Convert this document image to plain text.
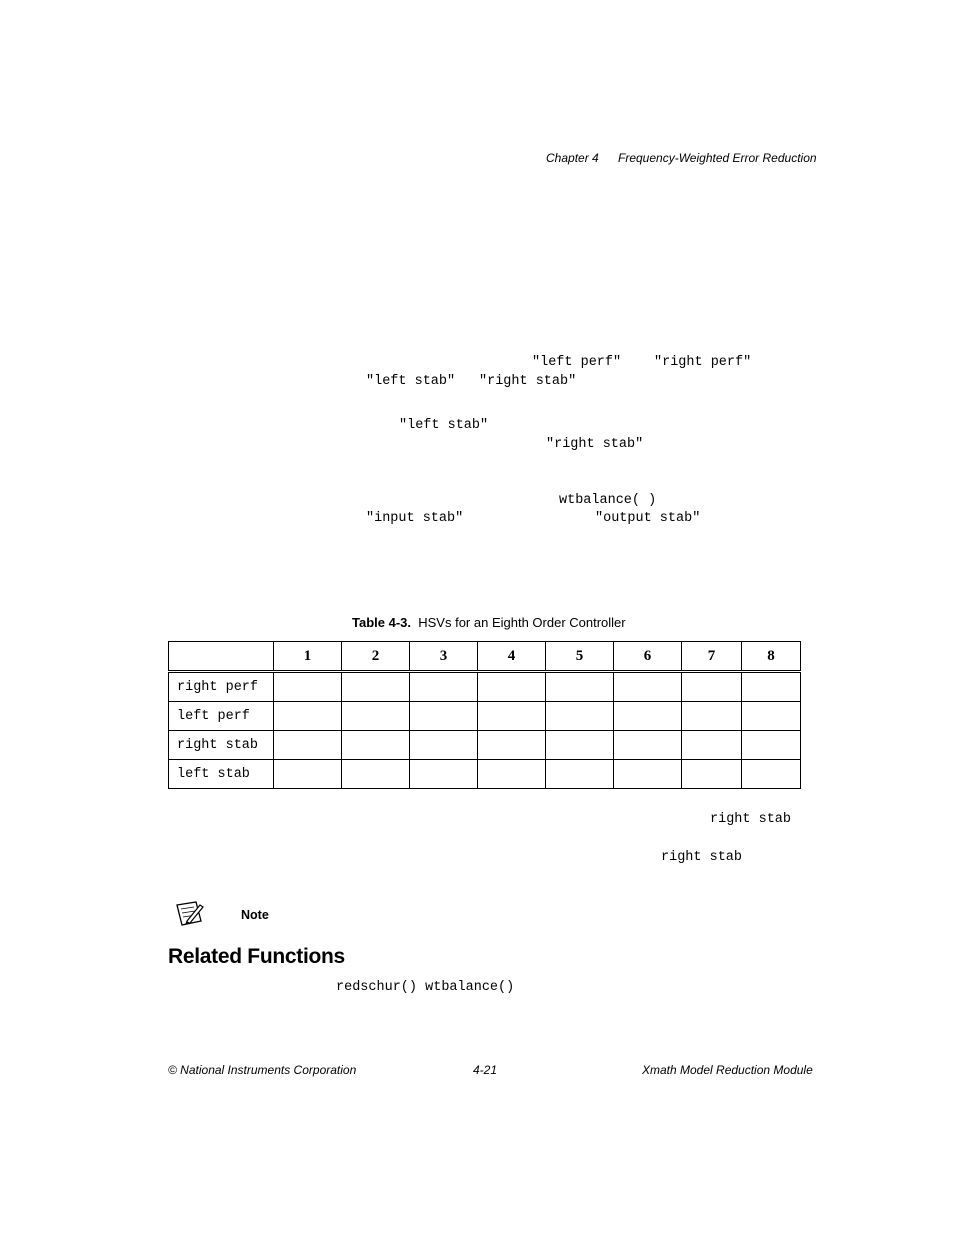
Chapter 4 Frequency-Weighted Error Reduction
"left perf" "right perf"
"left stab" "right stab"
"left stab"
"right stab"
wtbalance( )
"input stab"	"output stab"
Table 4-3. HSVs for an Eighth Order Controller
	1	2	3	4	5	6	7	8
right perf								
left perf								
right stab								
left stab								
right stab
right stab
Note
Related Functions
redschur() wtbalance()
© National Instruments Corporation	4-21	Xmath Model Reduction Module
